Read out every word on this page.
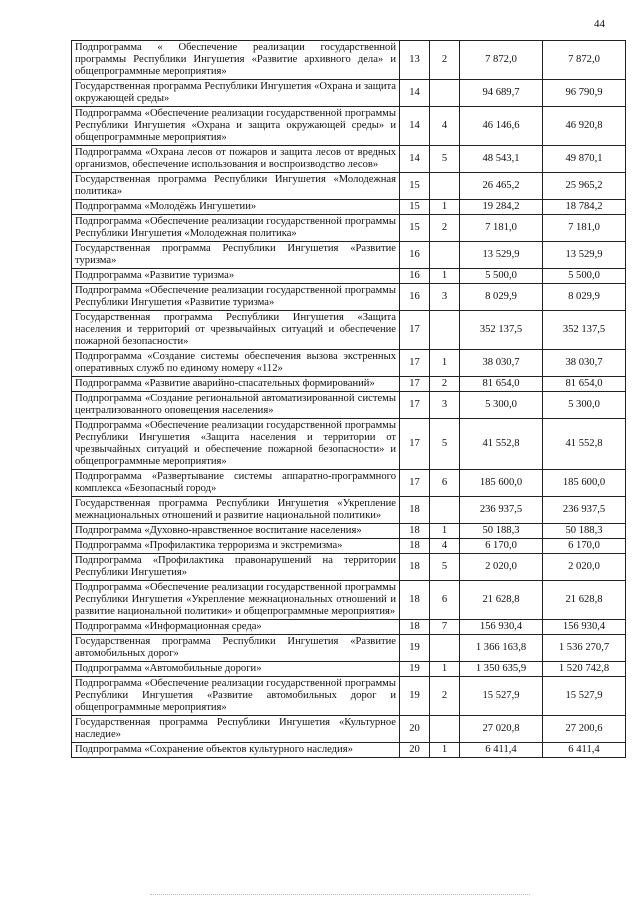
44
Подпрограмма « Обеспечение реализации государственной программы Республики Ингушетия «Развитие архивного дела» и общепрограммные мероприятия»	13	2	7 872,0	7 872,0
Государственная программа Республики Ингушетия «Охрана и защита окружающей среды»	14		94 689,7	96 790,9
Подпрограмма «Обеспечение реализации государственной программы Республики Ингушетия «Охрана и защита окружающей среды» и общепрограммные мероприятия»	14	4	46 146,6	46 920,8
Подпрограмма «Охрана лесов от пожаров и защита лесов от вредных организмов, обеспечение использования и воспроизводство лесов»	14	5	48 543,1	49 870,1
Государственная программа Республики Ингушетия «Молодежная политика»	15		26 465,2	25 965,2
Подпрограмма «Молодёжь Ингушетии»	15	1	19 284,2	18 784,2
Подпрограмма «Обеспечение реализации государственной программы Республики Ингушетия «Молодежная политика»	15	2	7 181,0	7 181,0
Государственная программа Республики Ингушетия «Развитие туризма»	16		13 529,9	13 529,9
Подпрограмма «Развитие туризма»	16	1	5 500,0	5 500,0
Подпрограмма «Обеспечение реализации государственной программы Республики Ингушетия «Развитие туризма»	16	3	8 029,9	8 029,9
Государственная программа Республики Ингушетия «Защита населения и территорий от чрезвычайных ситуаций и обеспечение пожарной безопасности»	17		352 137,5	352 137,5
Подпрограмма «Создание системы обеспечения вызова экстренных оперативных служб по единому номеру «112»	17	1	38 030,7	38 030,7
Подпрограмма «Развитие аварийно-спасательных формирований»	17	2	81 654,0	81 654,0
Подпрограмма «Создание региональной автоматизированной системы централизованного оповещения населения»	17	3	5 300,0	5 300,0
Подпрограмма «Обеспечение реализации государственной программы Республики Ингушетия «Защита населения и территории от чрезвычайных ситуаций и обеспечение пожарной безопасности» и общепрограммные мероприятия»	17	5	41 552,8	41 552,8
Подпрограмма «Развертывание системы аппаратно-программного комплекса «Безопасный город»	17	6	185 600,0	185 600,0
Государственная программа Республики Ингушетия «Укрепление межнациональных отношений и развитие национальной политики»	18		236 937,5	236 937,5
Подпрограмма «Духовно-нравственное воспитание населения»	18	1	50 188,3	50 188,3
Подпрограмма «Профилактика терроризма и экстремизма»	18	4	6 170,0	6 170,0
Подпрограмма «Профилактика правонарушений на территории Республики Ингушетия»	18	5	2 020,0	2 020,0
Подпрограмма «Обеспечение реализации государственной программы Республики Ингушетия «Укрепление межнациональных отношений и развитие национальной политики» и общепрограммные мероприятия»	18	6	21 628,8	21 628,8
Подпрограмма «Информационная среда»	18	7	156 930,4	156 930,4
Государственная программа Республики Ингушетия «Развитие автомобильных дорог»	19		1 366 163,8	1 536 270,7
Подпрограмма «Автомобильные дороги»	19	1	1 350 635,9	1 520 742,8
Подпрограмма «Обеспечение реализации государственной программы Республики Ингушетия «Развитие автомобильных дорог и общепрограммные мероприятия»	19	2	15 527,9	15 527,9
Государственная программа Республики Ингушетия «Культурное наследие»	20		27 020,8	27 200,6
Подпрограмма «Сохранение объектов культурного наследия»	20	1	6 411,4	6 411,4
